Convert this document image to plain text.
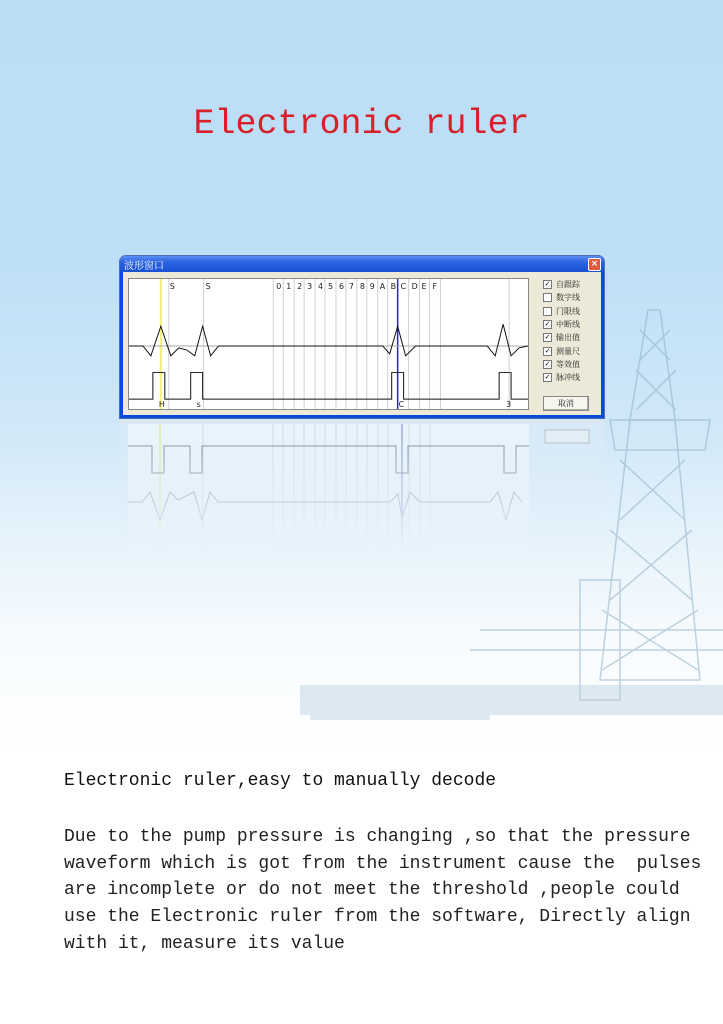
Electronic ruler
波形窗口	×
S	S	0 1 2 3 4 5 6 7 8 9 A B C D E F
H	s	C	3
✓ 自跟踪
数字线
门限线
✓ 中断线
✓ 输出值
✓ 测量尺
✓ 等效值
✓ 脉冲线
取消
Electronic ruler,easy to manually decode
Due to the pump pressure is changing ,so that the pressure
waveform which is got from the instrument cause the  pulses
are incomplete or do not meet the threshold ,people could
use the Electronic ruler from the software, Directly align
with it, measure its value
